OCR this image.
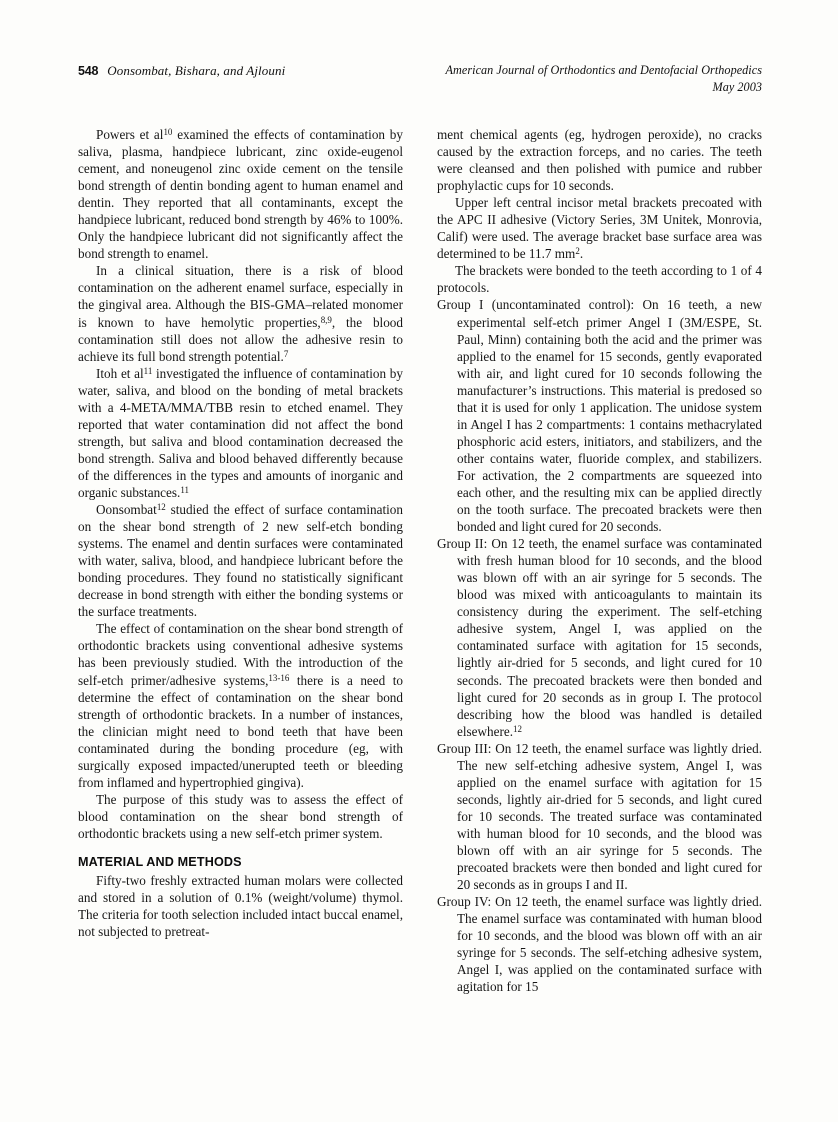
548 Oonsombat, Bishara, and Ajlouni	American Journal of Orthodontics and Dentofacial Orthopedics
May 2003

Powers et $al^{10}$ examined the effects of contamination by saliva, plasma, handpiece lubricant, zinc oxide-eugenol cement, and noneugenol zinc oxide cement on the tensile bond strength of dentin bonding agent to human enamel and dentin. They reported that all contaminants, except the handpiece lubricant, reduced bond strength by 46% to 100%. Only the handpiece lubricant did not significantly affect the bond strength to enamel.

In a clinical situation, there is a risk of blood contamination on the adherent enamel surface, especially in the gingival area. Although the BIS-GMA–related monomer is known to have hemolytic properties,$^{8,9}$, the blood contamination still does not allow the adhesive resin to achieve its full bond strength potential.$^7$

Itoh et $al^{11}$ investigated the influence of contamination by water, saliva, and blood on the bonding of metal brackets with a 4-META/MMA/TBB resin to etched enamel. They reported that water contamination did not affect the bond strength, but saliva and blood contamination decreased the bond strength. Saliva and blood behaved differently because of the differences in the types and amounts of inorganic and organic substances.$^{11}$

Oonsombat$^{12}$ studied the effect of surface contamination on the shear bond strength of 2 new self-etch bonding systems. The enamel and dentin surfaces were contaminated with water, saliva, blood, and handpiece lubricant before the bonding procedures. They found no statistically significant decrease in bond strength with either the bonding systems or the surface treatments.

The effect of contamination on the shear bond strength of orthodontic brackets using conventional adhesive systems has been previously studied. With the introduction of the self-etch primer/adhesive systems,$^{13-16}$ there is a need to determine the effect of contamination on the shear bond strength of orthodontic brackets. In a number of instances, the clinician might need to bond teeth that have been contaminated during the bonding procedure (eg, with surgically exposed impacted/unerupted teeth or bleeding from inflamed and hypertrophied gingiva).

The purpose of this study was to assess the effect of blood contamination on the shear bond strength of orthodontic brackets using a new self-etch primer system.

MATERIAL AND METHODS

Fifty-two freshly extracted human molars were collected and stored in a solution of 0.1% (weight/volume) thymol. The criteria for tooth selection included intact buccal enamel, not subjected to pretreat-

ment chemical agents (eg, hydrogen peroxide), no cracks caused by the extraction forceps, and no caries. The teeth were cleansed and then polished with pumice and rubber prophylactic cups for 10 seconds.

Upper left central incisor metal brackets precoated with the APC II adhesive (Victory Series, 3M Unitek, Monrovia, Calif) were used. The average bracket base surface area was determined to be 11.7 $mm^2$.

The brackets were bonded to the teeth according to 1 of 4 protocols.

Group I (uncontaminated control): On 16 teeth, a new experimental self-etch primer Angel I (3M/ESPE, St. Paul, Minn) containing both the acid and the primer was applied to the enamel for 15 seconds, gently evaporated with air, and light cured for 10 seconds following the manufacturer’s instructions. This material is predosed so that it is used for only 1 application. The unidose system in Angel I has 2 compartments: 1 contains methacrylated phosphoric acid esters, initiators, and stabilizers, and the other contains water, fluoride complex, and stabilizers. For activation, the 2 compartments are squeezed into each other, and the resulting mix can be applied directly on the tooth surface. The precoated brackets were then bonded and light cured for 20 seconds.
Group II: On 12 teeth, the enamel surface was contaminated with fresh human blood for 10 seconds, and the blood was blown off with an air syringe for 5 seconds. The blood was mixed with anticoagulants to maintain its consistency during the experiment. The self-etching adhesive system, Angel I, was applied on the contaminated surface with agitation for 15 seconds, lightly air-dried for 5 seconds, and light cured for 10 seconds. The precoated brackets were then bonded and light cured for 20 seconds as in group I. The protocol describing how the blood was handled is detailed elsewhere.$^{12}$
Group III: On 12 teeth, the enamel surface was lightly dried. The new self-etching adhesive system, Angel I, was applied on the enamel surface with agitation for 15 seconds, lightly air-dried for 5 seconds, and light cured for 10 seconds. The treated surface was contaminated with human blood for 10 seconds, and the blood was blown off with an air syringe for 5 seconds. The precoated brackets were then bonded and light cured for 20 seconds as in groups I and II.
Group IV: On 12 teeth, the enamel surface was lightly dried. The enamel surface was contaminated with human blood for 10 seconds, and the blood was blown off with an air syringe for 5 seconds. The self-etching adhesive system, Angel I, was applied on the contaminated surface with agitation for 15
